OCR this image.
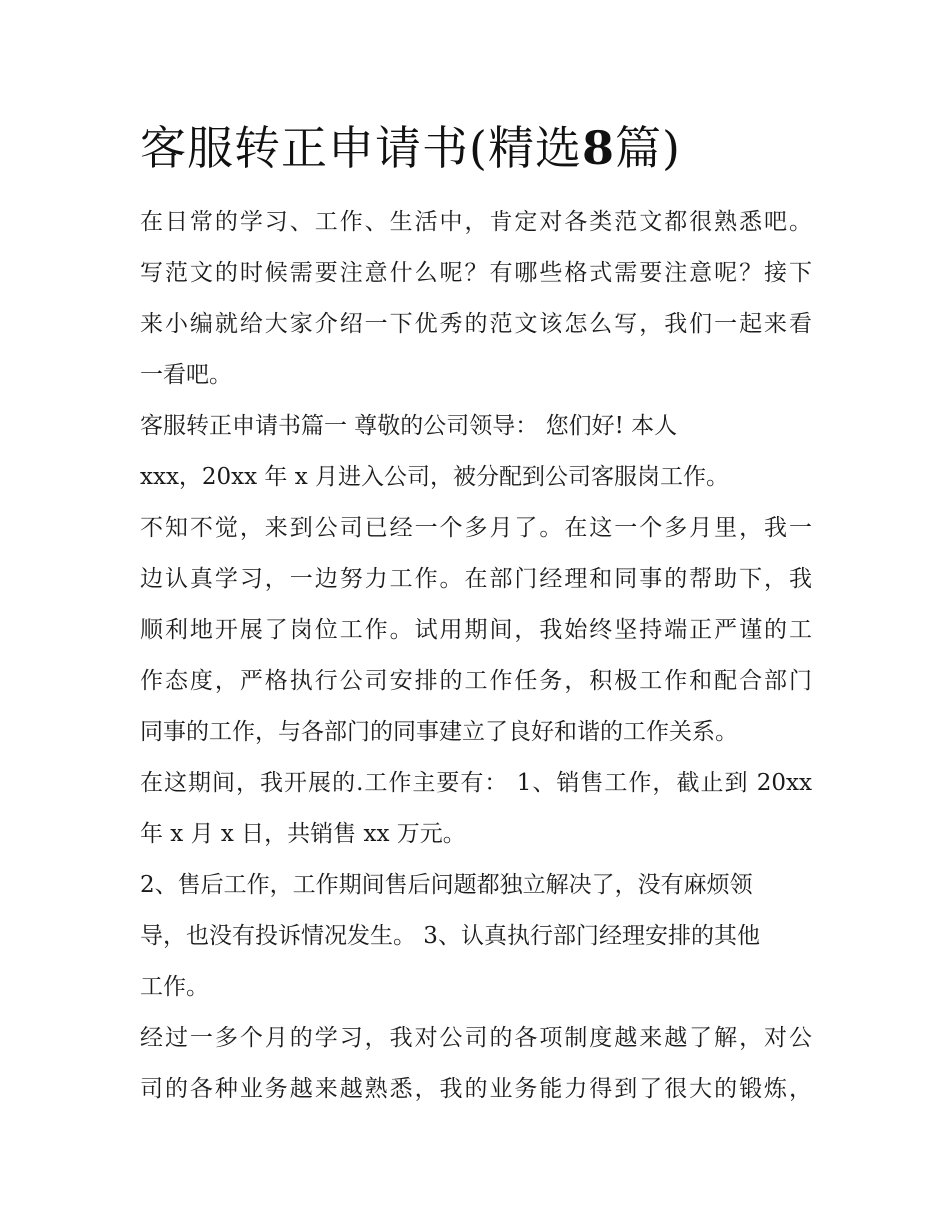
客服转正申请书(精选8篇)
在日常的学习、工作、生活中，肯定对各类范文都很熟悉吧。
写范文的时候需要注意什么呢？有哪些格式需要注意呢？接下
来小编就给大家介绍一下优秀的范文该怎么写，我们一起来看
一看吧。
客服转正申请书篇一 尊敬的公司领导： 您们好! 本人
xxx，20xx 年 x 月进入公司，被分配到公司客服岗工作。
不知不觉，来到公司已经一个多月了。在这一个多月里，我一
边认真学习，一边努力工作。在部门经理和同事的帮助下，我
顺利地开展了岗位工作。试用期间，我始终坚持端正严谨的工
作态度，严格执行公司安排的工作任务，积极工作和配合部门
同事的工作，与各部门的同事建立了良好和谐的工作关系。
在这期间，我开展的.工作主要有： 1、销售工作，截止到 20xx
年 x 月 x 日，共销售 xx 万元。
2、售后工作，工作期间售后问题都独立解决了，没有麻烦领
导，也没有投诉情况发生。 3、认真执行部门经理安排的其他
工作。
经过一多个月的学习，我对公司的各项制度越来越了解，对公
司的各种业务越来越熟悉，我的业务能力得到了很大的锻炼，
